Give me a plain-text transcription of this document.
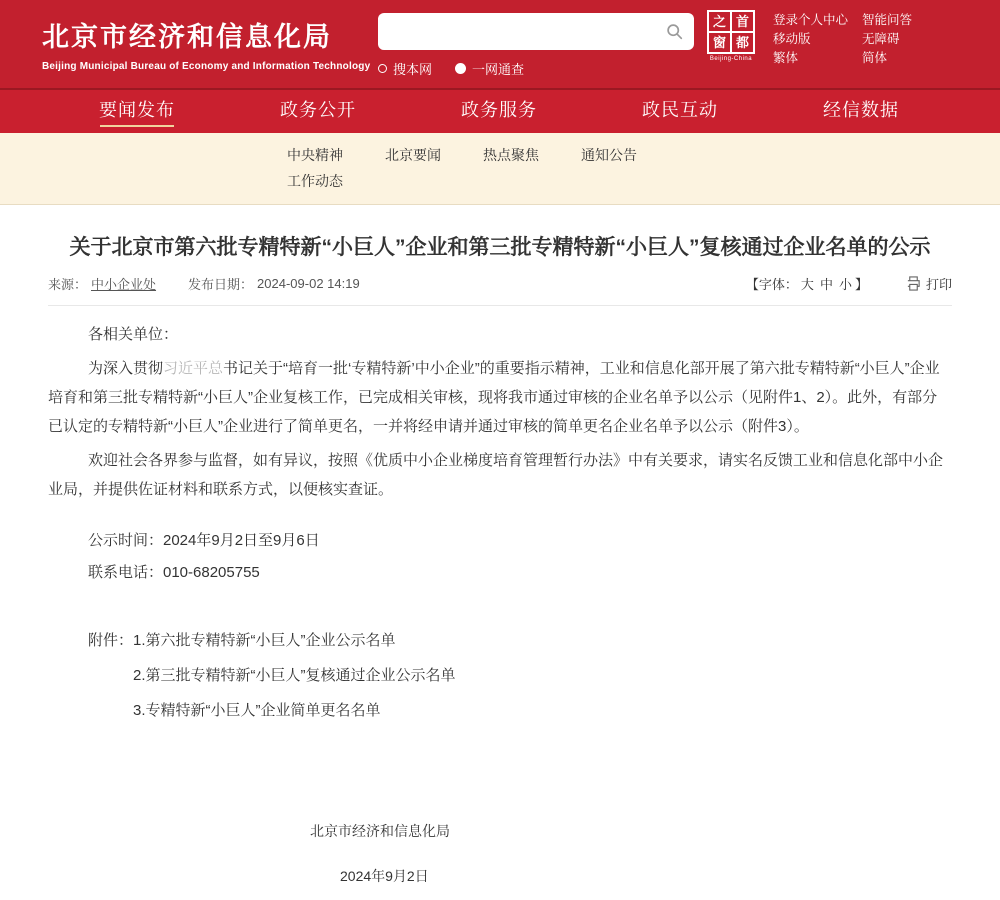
北京市经济和信息化局
Beijing Municipal Bureau of Economy and Information Technology 搜本网	一网通查
之 首
窗 都
Beijing-China
登录个人中心	智能问答
移动版	无障碍
繁体	简体
要闻发布	政务公开	政务服务	政民互动	经信数据
中央精神	北京要闻	热点聚焦	通知公告
工作动态
关于北京市第六批专精特新“小巨人”企业和第三批专精特新“小巨人”复核通过企业名单的公示
来源： 中小企业处 发布日期： 2024-09-02 14:19	【字体： 大 中 小 】	打印

各相关单位：

为深入贯彻习近平总书记关于“培育一批‘专精特新’中小企业”的重要指示精神，工业和信息化部开展了第六批专精特新“小巨人”企业培育和第三批专精特新“小巨人”企业复核工作，已完成相关审核，现将我市通过审核的企业名单予以公示（见附件1、2）。此外，有部分已认定的专精特新“小巨人”企业进行了简单更名，一并将经申请并通过审核的简单更名企业名单予以公示（附件3）。

欢迎社会各界参与监督，如有异议，按照《优质中小企业梯度培育管理暂行办法》中有关要求，请实名反馈工业和信息化部中小企业局，并提供佐证材料和联系方式，以便核实查证。

公示时间：2024年9月2日至9月6日

联系电话：010-68205755

附件：1.第六批专精特新“小巨人”企业公示名单
2.第三批专精特新“小巨人”复核通过企业公示名单
3.专精特新“小巨人”企业简单更名名单
北京市经济和信息化局
2024年9月2日
